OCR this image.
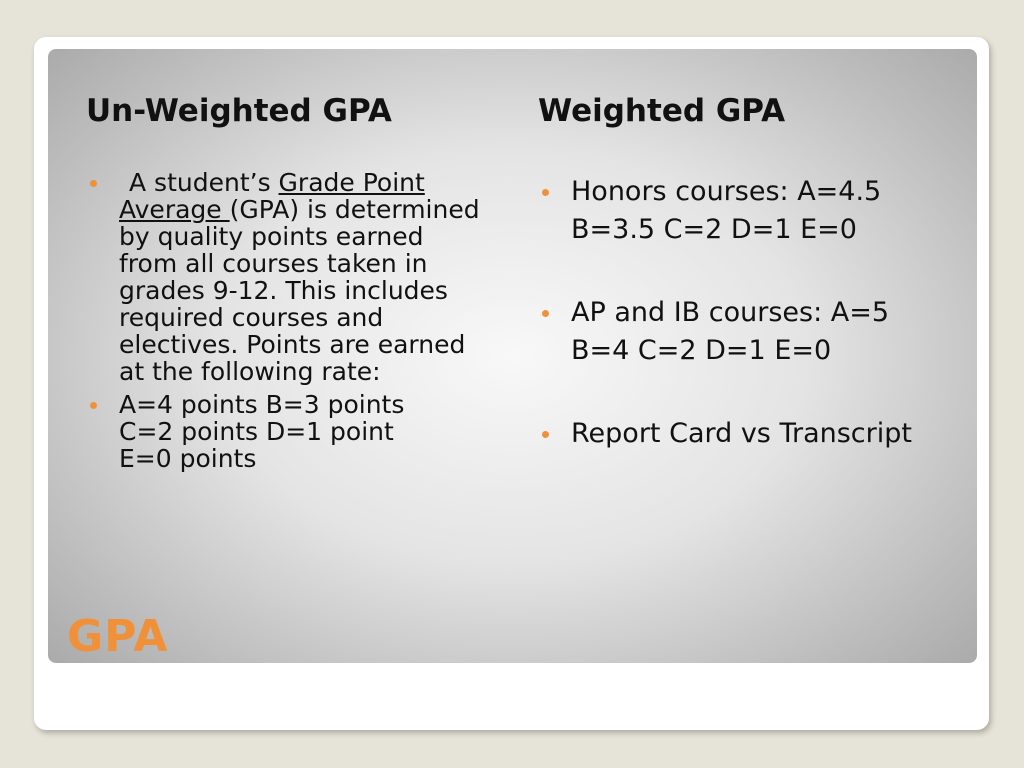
Un-Weighted GPA	Weighted GPA
A student’s Grade Point Average (GPA) is determined by quality points earned from all courses taken in grades 9-12. This includes required courses and electives. Points are earned at the following rate:
A=4 points B=3 points
C=2 points D=1 point
E=0 points
Honors courses: A=4.5
B=3.5 C=2 D=1 E=0
AP and IB courses: A=5
B=4 C=2 D=1 E=0
Report Card vs Transcript
GPA
